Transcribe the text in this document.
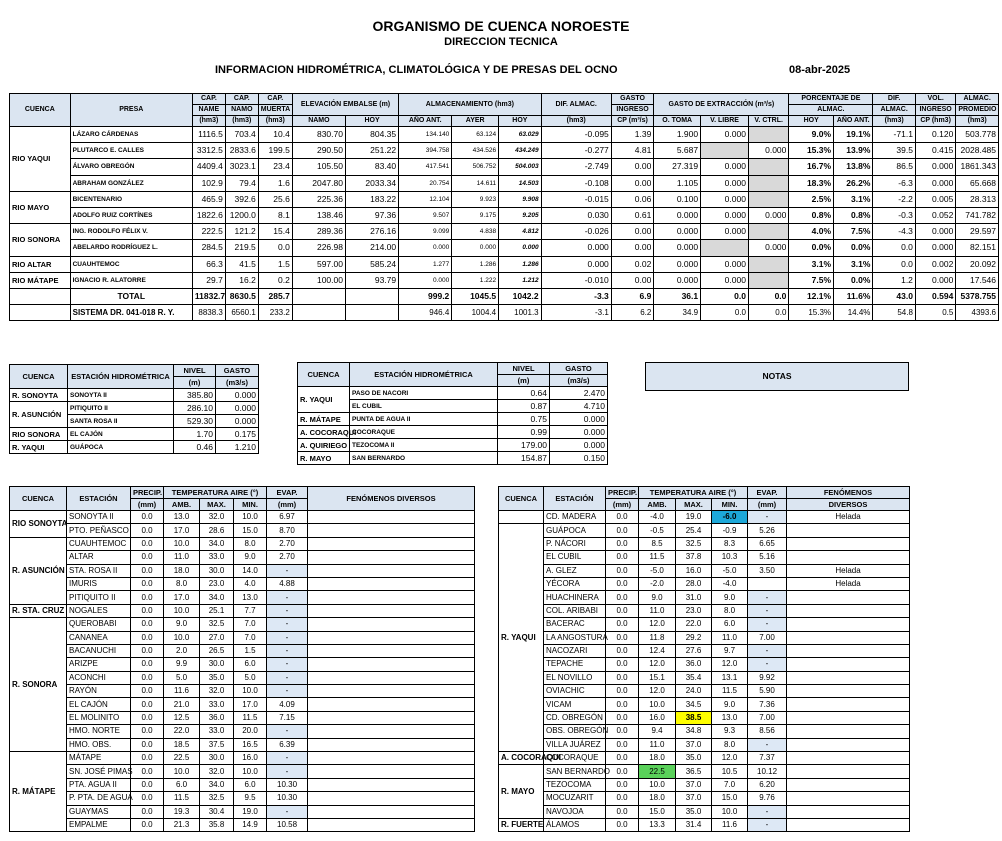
ORGANISMO DE CUENCA NOROESTE
DIRECCION TECNICA
INFORMACION HIDROMÉTRICA, CLIMATOLÓGICA Y DE PRESAS DEL OCNO	08-abr-2025
CUENCA	PRESA	CAP.	CAP.	CAP.	ELEVACIÓN EMBALSE (m)		ALMACENAMIENTO (hm3)			DIF. ALMAC.	GASTO	GASTO DE EXTRACCIÓN (m³/s)			PORCENTAJE DE		DIF.	VOL.	ALMAC.
		NAME	NAMO	MUERTA							INGRESO				ALMAC.		ALMAC.	INGRESO	PROMEDIO
		(hm3)	(hm3)	(hm3)	NAMO	HOY	AÑO ANT.	AYER	HOY	(hm3)	CP (m³/s)	O. TOMA	V. LIBRE	V. CTRL.	HOY	AÑO ANT.	(hm3)	CP (hm3)	(hm3)
RIO YAQUI	LÁZARO CÁRDENAS	1116.5	703.4	10.4	830.70	804.35	134.140	63.124	63.029	-0.095	1.39	1.900	0.000		9.0%	19.1%	-71.1	0.120	503.778
	PLUTARCO E. CALLES	3312.5	2833.6	199.5	290.50	251.22	394.758	434.526	434.249	-0.277	4.81	5.687		0.000	15.3%	13.9%	39.5	0.415	2028.485
	ÁLVARO OBREGÓN	4409.4	3023.1	23.4	105.50	83.40	417.541	506.752	504.003	-2.749	0.00	27.319	0.000		16.7%	13.8%	86.5	0.000	1861.343
	ABRAHAM GONZÁLEZ	102.9	79.4	1.6	2047.80	2033.34	20.754	14.611	14.503	-0.108	0.00	1.105	0.000		18.3%	26.2%	-6.3	0.000	65.668
RIO MAYO	BICENTENARIO	465.9	392.6	25.6	225.36	183.22	12.104	9.923	9.908	-0.015	0.06	0.100	0.000		2.5%	3.1%	-2.2	0.005	28.313
	ADOLFO RUIZ CORTÍNES	1822.6	1200.0	8.1	138.46	97.36	9.507	9.175	9.205	0.030	0.61	0.000	0.000	0.000	0.8%	0.8%	-0.3	0.052	741.782
RIO SONORA	ING. RODOLFO FÉLIX V.	222.5	121.2	15.4	289.36	276.16	9.099	4.838	4.812	-0.026	0.00	0.000	0.000		4.0%	7.5%	-4.3	0.000	29.597
	ABELARDO RODRÍGUEZ L.	284.5	219.5	0.0	226.98	214.00	0.000	0.000	0.000	0.000	0.00	0.000		0.000	0.0%	0.0%	0.0	0.000	82.151
RIO ALTAR	CUAUHTEMOC	66.3	41.5	1.5	597.00	585.24	1.277	1.286	1.286	0.000	0.02	0.000	0.000		3.1%	3.1%	0.0	0.002	20.092
RIO MÁTAPE	IGNACIO R. ALATORRE	29.7	16.2	0.2	100.00	93.79	0.000	1.222	1.212	-0.010	0.00	0.000	0.000		7.5%	0.0%	1.2	0.000	17.546
	TOTAL	11832.7	8630.5	285.7			999.2	1045.5	1042.2	-3.3	6.9	36.1	0.0	0.0	12.1%	11.6%	43.0	0.594	5378.755
	SISTEMA DR. 041-018 R. Y.	8838.3	6560.1	233.2			946.4	1004.4	1001.3	-3.1	6.2	34.9	0.0	0.0	15.3%	14.4%	54.8	0.5	4393.6
CUENCA	ESTACIÓN HIDROMÉTRICA	NIVEL	GASTO
		(m)	(m3/s)
R. SONOYTA	SONOYTA II	385.80	0.000
R. ASUNCIÓN	PITIQUITO II	286.10	0.000
	SANTA ROSA II	529.30	0.000
RIO SONORA	EL CAJÓN	1.70	0.175
R. YAQUI	GUÁPOCA	0.46	1.210
CUENCA	ESTACIÓN HIDROMÉTRICA	NIVEL	GASTO
		(m)	(m3/s)
R. YAQUI	PASO DE NACORI	0.64	2.470
	EL CUBIL	0.87	4.710
R. MÁTAPE	PUNTA DE AGUA II	0.75	0.000
A. COCORAQUI	COCORAQUE	0.99	0.000
A. QUIRIEGO	TEZOCOMA II	179.00	0.000
R. MAYO	SAN BERNARDO	154.87	0.150
NOTAS
CUENCA	ESTACIÓN	PRECIP.	TEMPERATURA AIRE (°)			EVAP.	FENÓMENOS DIVERSOS
		(mm)	AMB.	MAX.	MIN.	(mm)	
RIO SONOYTA	SONOYTA II	0.0	13.0	32.0	10.0	6.97	
	PTO. PEÑASCO	0.0	17.0	28.6	15.0	8.70	
R. ASUNCIÓN	CUAUHTEMOC	0.0	10.0	34.0	8.0	2.70	
	ALTAR	0.0	11.0	33.0	9.0	2.70	
	STA. ROSA II	0.0	18.0	30.0	14.0	-	
	IMURIS	0.0	8.0	23.0	4.0	4.88	
	PITIQUITO II	0.0	17.0	34.0	13.0	-	
R. STA. CRUZ	NOGALES	0.0	10.0	25.1	7.7	-	
R. SONORA	QUEROBABI	0.0	9.0	32.5	7.0	-	
	CANANEA	0.0	10.0	27.0	7.0	-	
	BACANUCHI	0.0	2.0	26.5	1.5	-	
	ARIZPE	0.0	9.9	30.0	6.0	-	
	ACONCHI	0.0	5.0	35.0	5.0	-	
	RAYÓN	0.0	11.6	32.0	10.0	-	
	EL CAJÓN	0.0	21.0	33.0	17.0	4.09	
	EL MOLINITO	0.0	12.5	36.0	11.5	7.15	
	HMO. NORTE	0.0	22.0	33.0	20.0	-	
	HMO. OBS.	0.0	18.5	37.5	16.5	6.39	
R. MÁTAPE	MÁTAPE	0.0	22.5	30.0	16.0	-	
	SN. JOSÉ PIMAS	0.0	10.0	32.0	10.0	-	
	PTA. AGUA II	0.0	6.0	34.0	6.0	10.30	
	P. PTA. DE AGUA	0.0	11.5	32.5	9.5	10.30	
	GUAYMAS	0.0	19.3	30.4	19.0	-	
	EMPALME	0.0	21.3	35.8	14.9	10.58	
CUENCA	ESTACIÓN	PRECIP.	TEMPERATURA AIRE (°)			EVAP.	FENÓMENOS
		(mm)	AMB.	MAX.	MIN.	(mm)	DIVERSOS
	CD. MADERA	0.0	-4.0	19.0	-6.0	-	Helada
R. YAQUI	GUÁPOCA	0.0	-0.5	25.4	-0.9	5.26	
	P. NÁCORI	0.0	8.5	32.5	8.3	6.65	
	EL CUBIL	0.0	11.5	37.8	10.3	5.16	
	A. GLEZ	0.0	-5.0	16.0	-5.0	3.50	Helada
	YÉCORA	0.0	-2.0	28.0	-4.0		Helada
	HUACHINERA	0.0	9.0	31.0	9.0	-	
	COL. ARIBABI	0.0	11.0	23.0	8.0	-	
	BACERAC	0.0	12.0	22.0	6.0	-	
	LA ANGOSTURA	0.0	11.8	29.2	11.0	7.00	
	NACOZARI	0.0	12.4	27.6	9.7	-	
	TEPACHE	0.0	12.0	36.0	12.0	-	
	EL NOVILLO	0.0	15.1	35.4	13.1	9.92	
	OVIACHIC	0.0	12.0	24.0	11.5	5.90	
	VICAM	0.0	10.0	34.5	9.0	7.36	
	CD. OBREGÓN	0.0	16.0	38.5	13.0	7.00	
	OBS. OBREGÓN	0.0	9.4	34.8	9.3	8.56	
	VILLA JUÁREZ	0.0	11.0	37.0	8.0	-	
A. COCORAQUI	COCORAQUE	0.0	18.0	35.0	12.0	7.37	
R. MAYO	SAN BERNARDO	0.0	22.5	36.5	10.5	10.12	
	TEZOCOMA	0.0	10.0	37.0	7.0	6.20	
	MOCUZARIT	0.0	18.0	37.0	15.0	9.76	
	NAVOJOA	0.0	15.0	35.0	10.0	-	
R. FUERTE	ÁLAMOS	0.0	13.3	31.4	11.6	-	
